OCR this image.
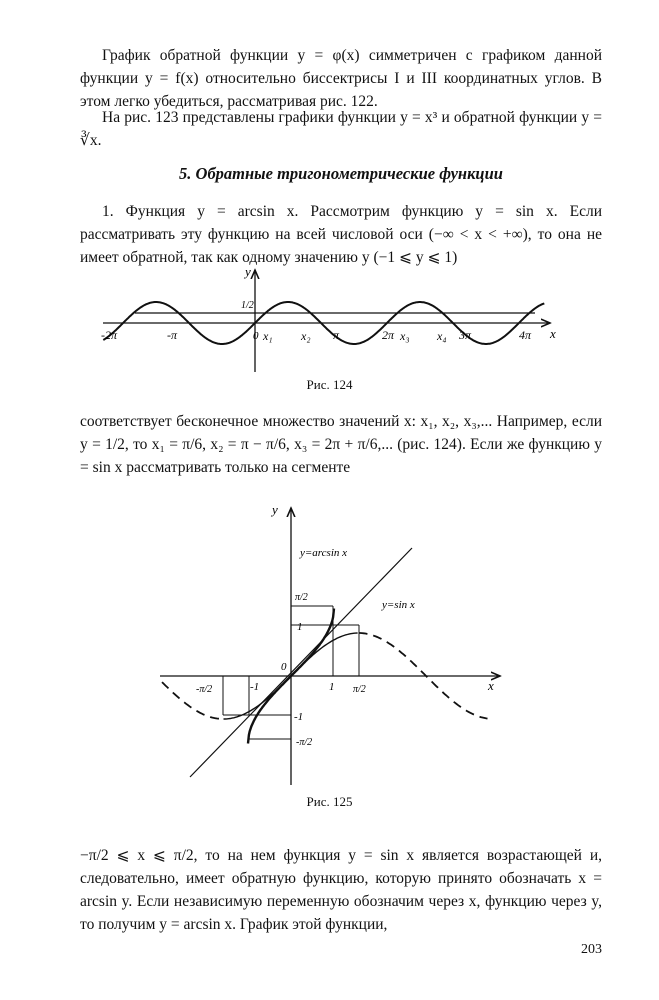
График обратной функции y = φ(x) симметричен с графиком данной функции y = f(x) относительно биссектрисы I и III координатных углов. В этом легко убедиться, рассматривая рис. 122.

На рис. 123 представлены графики функции y = x³ и обратной функции y = ∛x.

5. Обратные тригонометрические функции

1. Функция y = arcsin x. Рассмотрим функцию y = sin x. Если рассматривать эту функцию на всей числовой оси (−∞ < x < +∞), то она не имеет обратной, так как одному значению y (−1 ⩽ y ⩽ 1)

y
x
1/2
-2π	-π	0 x₁ x₂ π	2π x₃ x₄ 3π	4π
Рис. 124

соответствует бесконечное множество значений x: x₁, x₂, x₃,... Например, если y = 1/2, то x₁ = π/6, x₂ = π − π/6, x₃ = 2π + π/6,... (рис. 124). Если же функцию y = sin x рассматривать только на сегменте

y
x
y=arcsin x
y=sin x
π/2
1
0
-π/2	-1	1 π/2
-1
-π/2
Рис. 125

−π/2 ⩽ x ⩽ π/2, то на нем функция y = sin x является возрастающей и, следовательно, имеет обратную функцию, которую принято обозначать x = arcsin y. Если независимую переменную обозначим через x, функцию через y, то получим y = arcsin x. График этой функции,

203
